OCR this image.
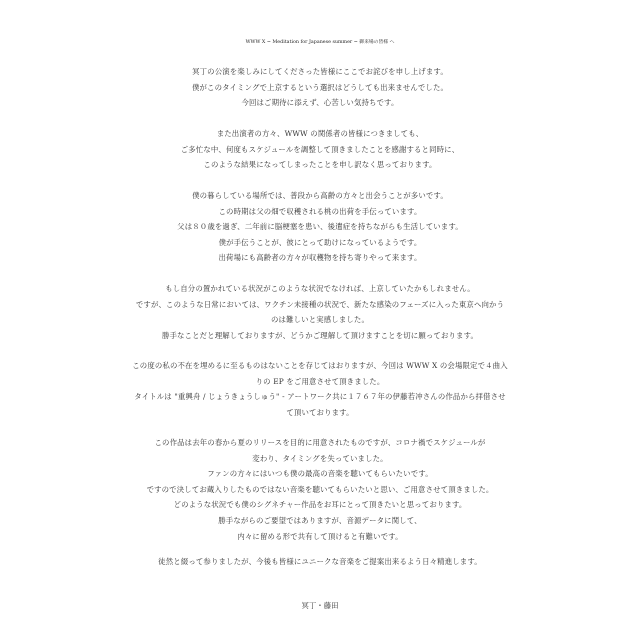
WWW X ~ Meditation for Japanese summer ~ 御来場の皆様 へ
冥丁の公演を楽しみにしてくださった皆様にここでお詫びを申し上げます。
僕がこのタイミングで上京するという選択はどうしても出来ませんでした。
今回はご期待に添えず、心苦しい気持ちです。
また出演者の方々、WWW の関係者の皆様につきましても、
ご多忙な中、何度もスケジュールを調整して頂きましたことを感謝すると同時に、
このような結果になってしまったことを申し訳なく思っております。
僕の暮らしている場所では、普段から高齢の方々と出会うことが多いです。
この時期は父の畑で収穫される桃の出荷を手伝っています。
父は８０歳を過ぎ、二年前に脳梗塞を患い、後遺症を持ちながらも生活しています。
僕が手伝うことが、彼にとって助けになっているようです。
出荷場にも高齢者の方々が収穫物を持ち寄りやって来ます。
もし自分の置かれている状況がこのような状況でなければ、上京していたかもしれません。
ですが、このような日常においては、ワクチン未接種の状況で、新たな感染のフェーズに入った東京へ向かう
のは難しいと実感しました。
勝手なことだと理解しておりますが、どうかご理解して頂けますことを切に願っております。
この度の私の不在を埋めるに至るものはないことを存じてはおりますが、今回は WWW X の会場限定で４曲入
りの EP をご用意させて頂きました。
タイトルは "重興舟 / じょうきょうしゅう" - アートワーク共に１７６７年の伊藤若冲さんの作品から拝借させ
て頂いております。
この作品は去年の春から夏のリリースを目的に用意されたものですが、コロナ禍でスケジュールが
変わり、タイミングを失っていました。
ファンの方々にはいつも僕の最高の音楽を聴いてもらいたいです。
ですので決してお蔵入りしたものではない音楽を聴いてもらいたいと思い、ご用意させて頂きました。
どのような状況でも僕のシグネチャー作品をお耳にとって頂きたいと思っております。
勝手ながらのご要望ではありますが、音源データに関して、
内々に留める形で共有して頂けると有難いです。
徒然と綴って参りましたが、今後も皆様にユニークな音楽をご提案出来るよう日々精進します。
冥丁・藤田
